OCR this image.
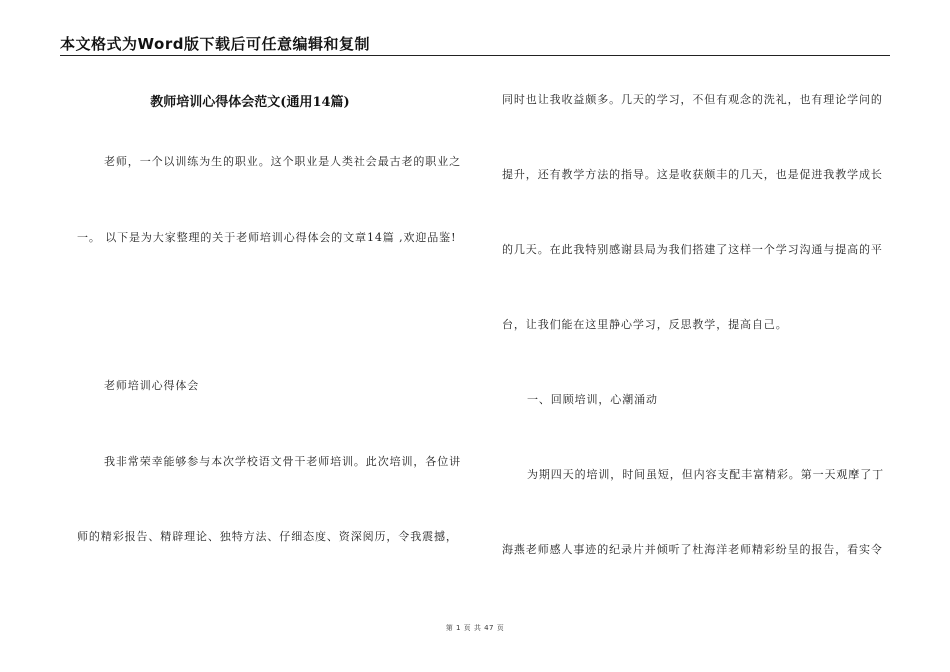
本文格式为Word版下载后可任意编辑和复制
教师培训心得体会范文(通用14篇)
老师，一个以训练为生的职业。这个职业是人类社会最古老的职业之
一。 以下是为大家整理的关于老师培训心得体会的文章14篇 ,欢迎品鉴!
老师培训心得体会
我非常荣幸能够参与本次学校语文骨干老师培训。此次培训，各位讲
师的精彩报告、精辟理论、独特方法、仔细态度、资深阅历，令我震撼，
同时也让我收益颇多。几天的学习，不但有观念的洗礼，也有理论学问的
提升，还有教学方法的指导。这是收获颇丰的几天，也是促进我教学成长
的几天。在此我特别感谢县局为我们搭建了这样一个学习沟通与提高的平
台，让我们能在这里静心学习，反思教学，提高自己。
一、回顾培训，心潮涌动
为期四天的培训，时间虽短，但内容支配丰富精彩。第一天观摩了丁
海燕老师感人事迹的纪录片并倾听了杜海洋老师精彩纷呈的报告，看实令
第 1 页 共 47 页
